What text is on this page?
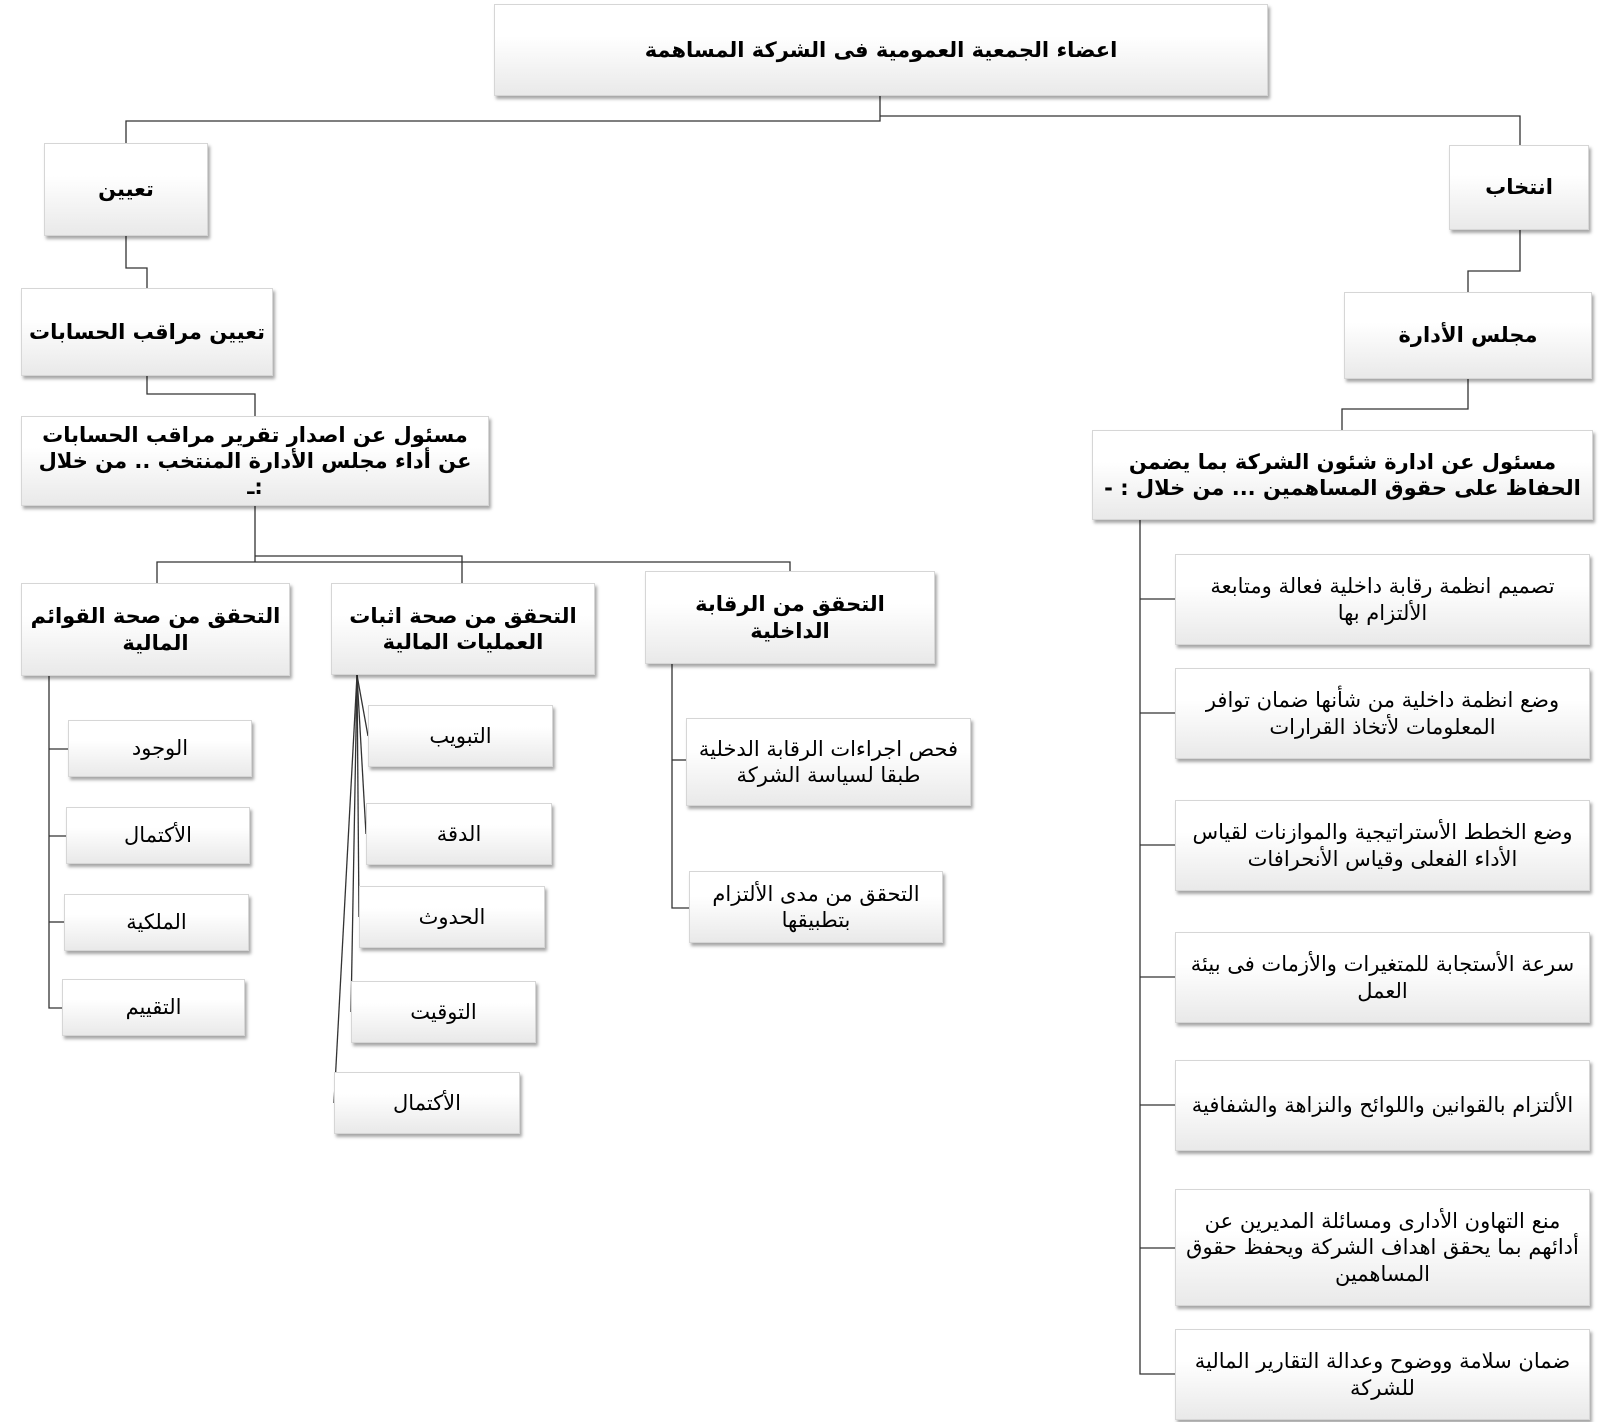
اعضاء الجمعية العمومية فى الشركة المساهمة
تعيين
تعيين مراقب الحسابات
مسئول عن اصدار تقرير مراقب الحسابات عن أداء مجلس الأدارة المنتخب .. من خلال :ـ
التحقق من صحة القوائم المالية
الوجود
الأكتمال
الملكية
التقييم
التحقق من صحة اثبات العمليات المالية
التبويب
الدقة
الحدوث
التوقيت
الأكتمال
التحقق من الرقابة الداخلية
فحص اجراءات الرقابة الدخلية طبقا لسياسة الشركة
التحقق من مدى الألتزام بتطبيقها
انتخاب
مجلس الأدارة
مسئول عن ادارة شئون الشركة بما يضمن الحفاظ على حقوق المساهمين ... من خلال : -
تصميم انظمة رقابة داخلية فعالة ومتابعة الألتزام بها
وضع انظمة داخلية من شأنها ضمان توافر المعلومات لأتخاذ القرارات
وضع الخطط الأستراتيجية والموازنات لقياس الأداء الفعلى وقياس الأنحرافات
سرعة الأستجابة للمتغيرات والأزمات فى بيئة العمل
الألتزام بالقوانين واللوائح والنزاهة والشفافية
منع التهاون الأدارى ومسائلة المديرين عن أدائهم بما يحقق اهداف الشركة ويحفظ حقوق المساهمين
ضمان سلامة ووضوح وعدالة التقارير المالية للشركة
